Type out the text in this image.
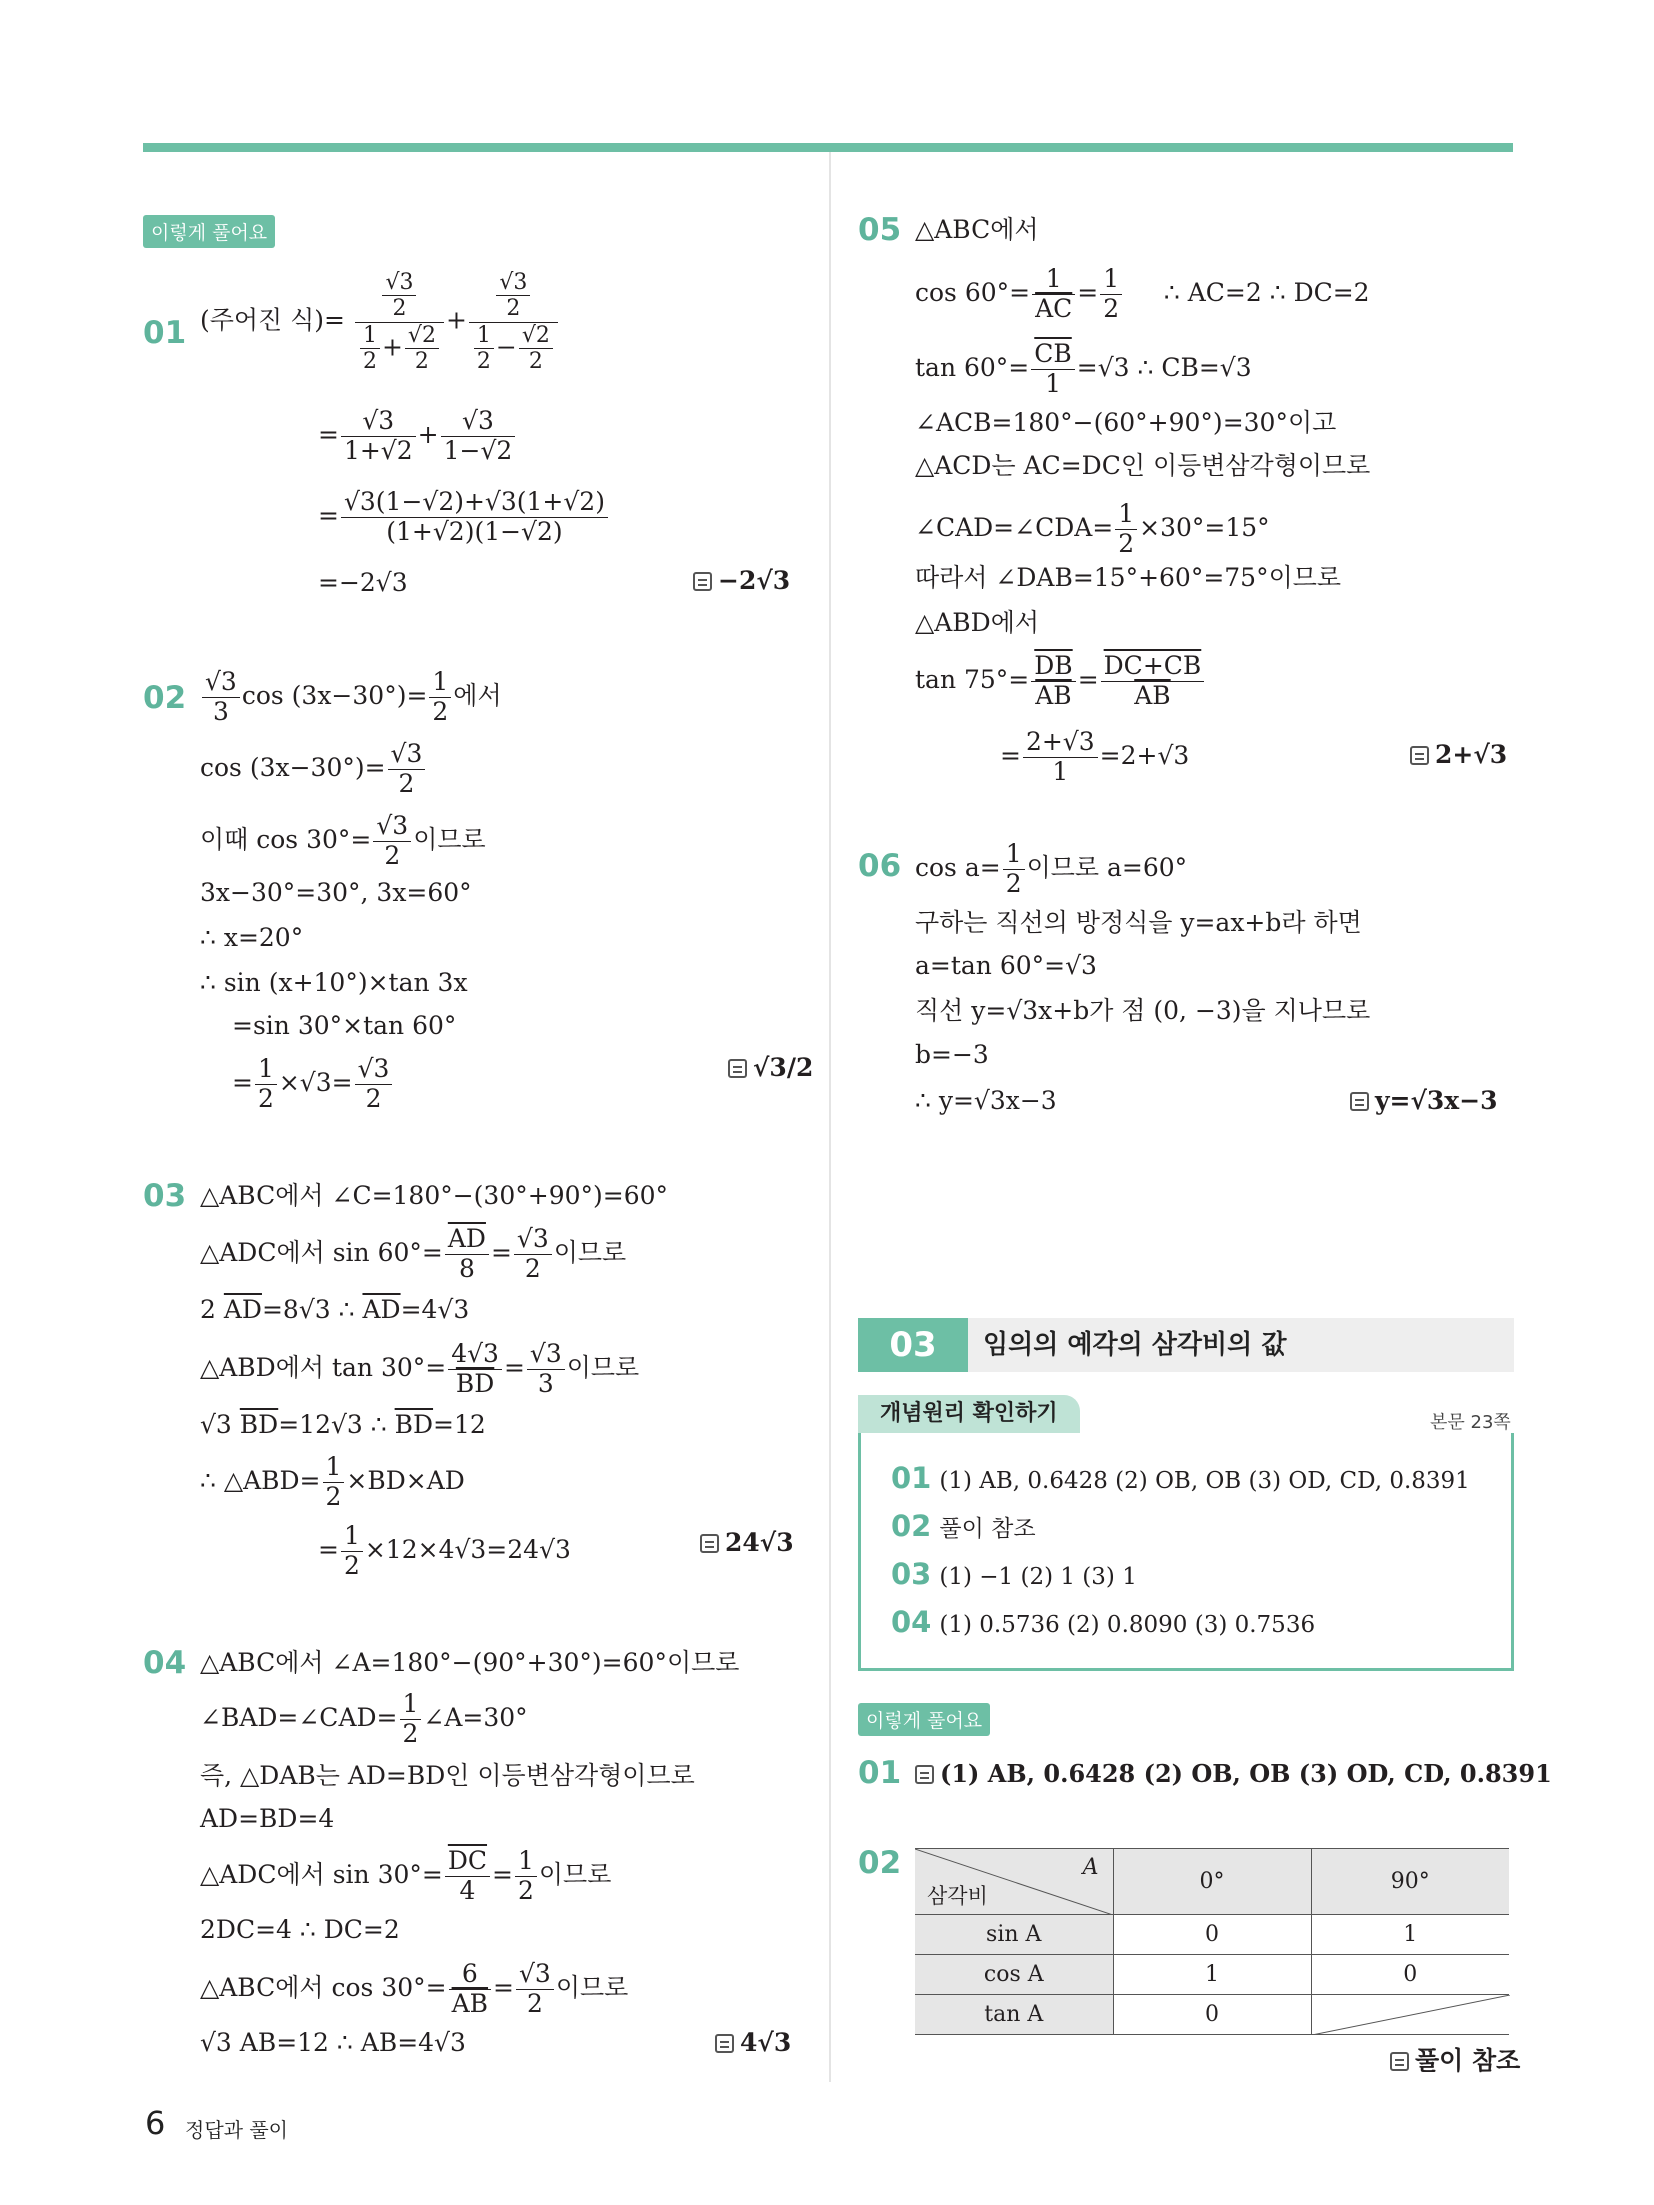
이렇게 풀어요
01 (주어진 식)= $\frac{\frac{√3}{2}}{\frac{1}{2} + \frac{√2}{2}} + \frac{\frac{√3}{2}}{\frac{1}{2} - \frac{√2}{2}}$
= $\frac{√3}{1+√2} + \frac{√3}{1-√2}$
= $\frac{√3(1-√2)+√3(1+√2)}{(1+√2)(1-√2)}$
=−2√3	−2√3
$02 \frac{√3}{3}$ $\cos (3x-30^\circ)= \frac{1}{2}$ 에서
$\cos (3x-30^\circ)= \frac{√3}{2}$
이때 $\cos 30^\circ= \frac{√3}{2}$ 이므로
3x−30°=30°, 3x=60°
∴ x=20°
∴ sin (x+10°)×tan 3x
=sin 30°×tan 60°
= $\frac{1}{2} \times√3= \frac{√3}{2}$	√3/2
03 △ABC에서 ∠C=180°−(30°+90°)=60°
△ADC에서 $\sin 60^\circ= \frac{\overline{AD}}{8} = \frac{√3}{2}$ 이므로
2 $\overline{AD}=8√3$ ∴ $\overline{AD}=4√3$
△ABD에서 $\tan 30^\circ= \frac{4√3}{BD} = \frac{√3}{3}$ 이므로
√3 $\overline{BD}=12√3$ ∴ $\overline{BD}=12$
∴ △ABD= $\frac{1}{2} \times BD\times AD$
= $\frac{1}{2} \times 12\times 4√3=24√3$	24√3
04 △ABC에서 ∠A=180°−(90°+30°)=60°이므로
∠BAD=∠CAD= $\frac{1}{2}$ ∠A=30°
즉, △DAB는 AD=BD인 이등변삼각형이므로
AD=BD=4
△ADC에서 $\sin 30^\circ= \frac{\overline{DC}}{4} = \frac{1}{2}$ 이므로
2DC=4 ∴ DC=2
△ABC에서 $\cos 30^\circ= \frac{6}{AB} = \frac{√3}{2}$ 이므로
√3 AB=12 ∴ AB=4√3	4√3
05 △ABC에서
$\cos 60^\circ= \frac{1}{AC} = \frac{1}{2}$ ∴ AC=2 ∴ DC=2
$\tan 60^\circ= \frac{\overline{CB}}{1} =√3$ ∴ CB=√3
∠ACB=180°−(60°+90°)=30°이고
△ACD는 AC=DC인 이등변삼각형이므로
∠CAD=∠CDA= $\frac{1}{2} \times 30^\circ=15^\circ$
따라서 ∠DAB=15°+60°=75°이므로
△ABD에서
$\tan 75^\circ= \frac{\overline{DB}}{AB} = \frac{DC+CB}{AB}$
= $\frac{2+√3}{1} =2+√3$	2+√3
06 $\cos a= \frac{1}{2}$ 이므로 a=60°
구하는 직선의 방정식을 y=ax+b라 하면
a=tan 60°=√3
직선 y=√3x+b가 점 (0, −3)을 지나므로
b=−3
∴ y=√3x−3	y=√3x−3
03	임의의 예각의 삼각비의 값
개념원리 확인하기	본문 23쪽
01 (1) AB, 0.6428 (2) OB, OB (3) OD, CD, 0.8391
02 풀이 참조
03 (1) −1 (2) 1 (3) 1
04 (1) 0.5736 (2) 0.8090 (3) 0.7536
이렇게 풀어요
01	(1) AB, 0.6428 (2) OB, OB (3) OD, CD, 0.8391
02	A
삼각비	0°	90°
sin A	0	1
cos A	1	0
tan A	0	
풀이 참조
6 정답과 풀이
